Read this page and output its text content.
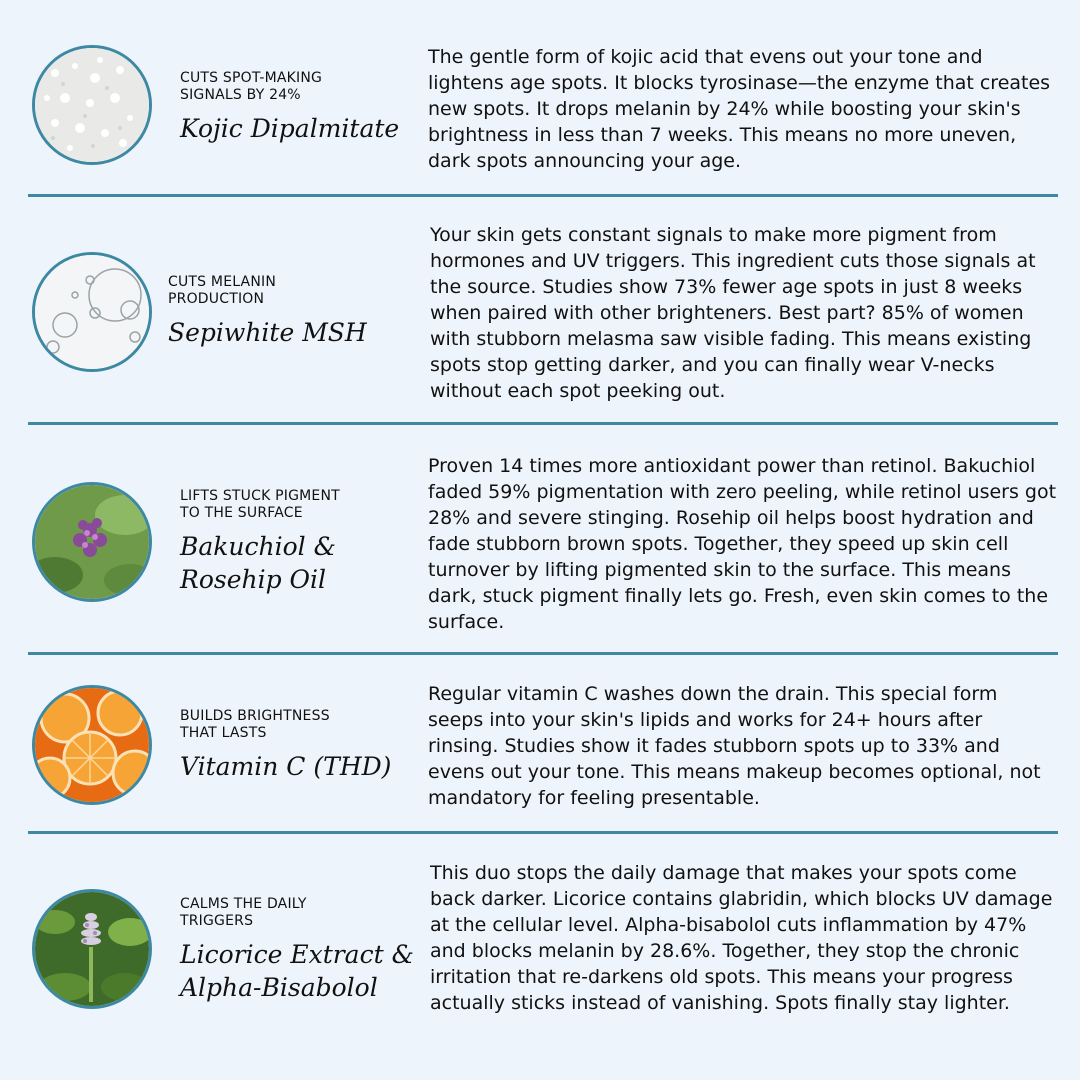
CUTS SPOT-MAKING
SIGNALS BY 24%
Kojic Dipalmitate
The gentle form of kojic acid that evens out your tone and lightens age spots. It blocks tyrosinase—the enzyme that creates new spots. It drops melanin by 24% while boosting your skin's brightness in less than 7 weeks. This means no more uneven, dark spots announcing your age.
CUTS MELANIN
PRODUCTION
Sepiwhite MSH
Your skin gets constant signals to make more pigment from hormones and UV triggers. This ingredient cuts those signals at the source. Studies show 73% fewer age spots in just 8 weeks when paired with other brighteners. Best part? 85% of women with stubborn melasma saw visible fading. This means existing spots stop getting darker, and you can finally wear V-necks without each spot peeking out.
LIFTS STUCK PIGMENT
TO THE SURFACE
Bakuchiol &
Rosehip Oil
Proven 14 times more antioxidant power than retinol. Bakuchiol faded 59% pigmentation with zero peeling, while retinol users got 28% and severe stinging. Rosehip oil helps boost hydration and fade stubborn brown spots. Together, they speed up skin cell turnover by lifting pigmented skin to the surface. This means dark, stuck pigment finally lets go. Fresh, even skin comes to the surface.
BUILDS BRIGHTNESS
THAT LASTS
Vitamin C (THD)
Regular vitamin C washes down the drain. This special form seeps into your skin's lipids and works for 24+ hours after rinsing. Studies show it fades stubborn spots up to 33% and evens out your tone. This means makeup becomes optional, not mandatory for feeling presentable.
CALMS THE DAILY
TRIGGERS
Licorice Extract &
Alpha-Bisabolol
This duo stops the daily damage that makes your spots come back darker. Licorice contains glabridin, which blocks UV damage at the cellular level. Alpha-bisabolol cuts inflammation by 47% and blocks melanin by 28.6%. Together, they stop the chronic irritation that re-darkens old spots. This means your progress actually sticks instead of vanishing. Spots finally stay lighter.
